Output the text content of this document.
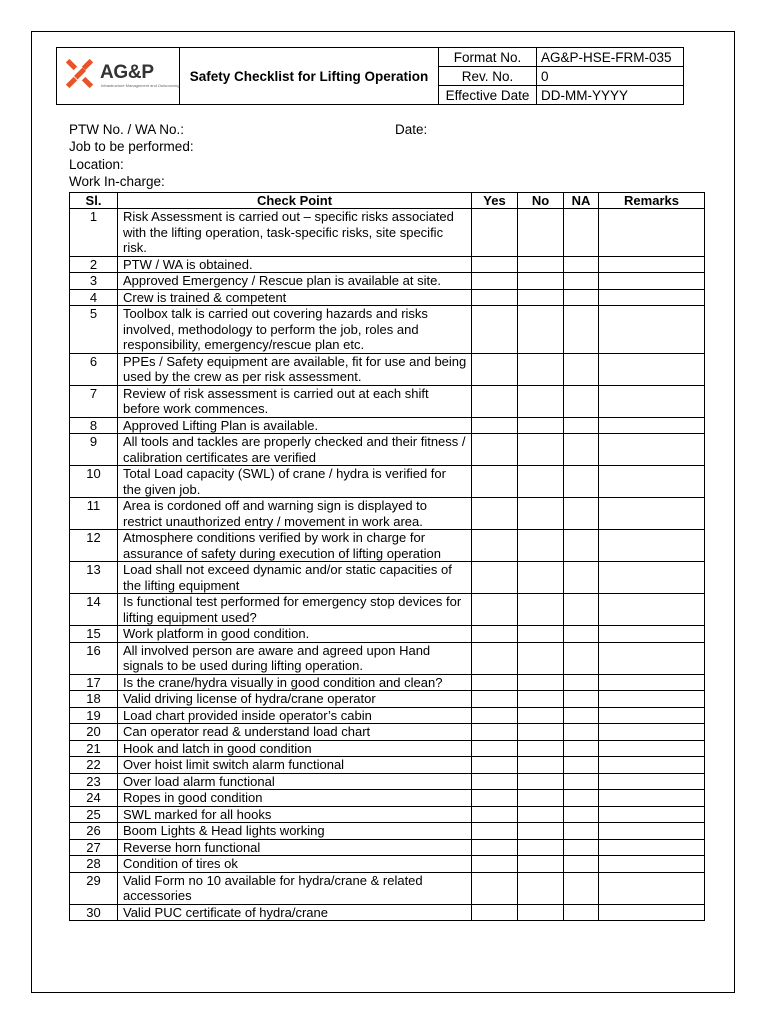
AG&P
Infrastructure Management and Outsourcing	Safety Checklist for Lifting Operation	Format No.	AG&P-HSE-FRM-035
		Rev. No.	0
		Effective Date	DD-MM-YYYY
PTW No. / WA No.:	Date:
Job to be performed:
Location:
Work In-charge:
Sl.	Check Point	Yes	No	NA	Remarks
1	Risk Assessment is carried out – specific risks associated with the lifting operation, task-specific risks, site specific risk.				
2	PTW / WA is obtained.				
3	Approved Emergency / Rescue plan is available at site.				
4	Crew is trained & competent				
5	Toolbox talk is carried out covering hazards and risks involved, methodology to perform the job, roles and responsibility, emergency/rescue plan etc.				
6	PPEs / Safety equipment are available, fit for use and being used by the crew as per risk assessment.				
7	Review of risk assessment is carried out at each shift before work commences.				
8	Approved Lifting Plan is available.				
9	All tools and tackles are properly checked and their fitness / calibration certificates are verified				
10	Total Load capacity (SWL) of crane / hydra is verified for the given job.				
11	Area is cordoned off and warning sign is displayed to restrict unauthorized entry / movement in work area.				
12	Atmosphere conditions verified by work in charge for assurance of safety during execution of lifting operation				
13	Load shall not exceed dynamic and/or static capacities of the lifting equipment				
14	Is functional test performed for emergency stop devices for lifting equipment used?				
15	Work platform in good condition.				
16	All involved person are aware and agreed upon Hand signals to be used during lifting operation.				
17	Is the crane/hydra visually in good condition and clean?				
18	Valid driving license of hydra/crane operator				
19	Load chart provided inside operator’s cabin				
20	Can operator read & understand load chart				
21	Hook and latch in good condition				
22	Over hoist limit switch alarm functional				
23	Over load alarm functional				
24	Ropes in good condition				
25	SWL marked for all hooks				
26	Boom Lights & Head lights working				
27	Reverse horn functional				
28	Condition of tires ok				
29	Valid Form no 10 available for hydra/crane & related accessories				
30	Valid PUC certificate of hydra/crane				
